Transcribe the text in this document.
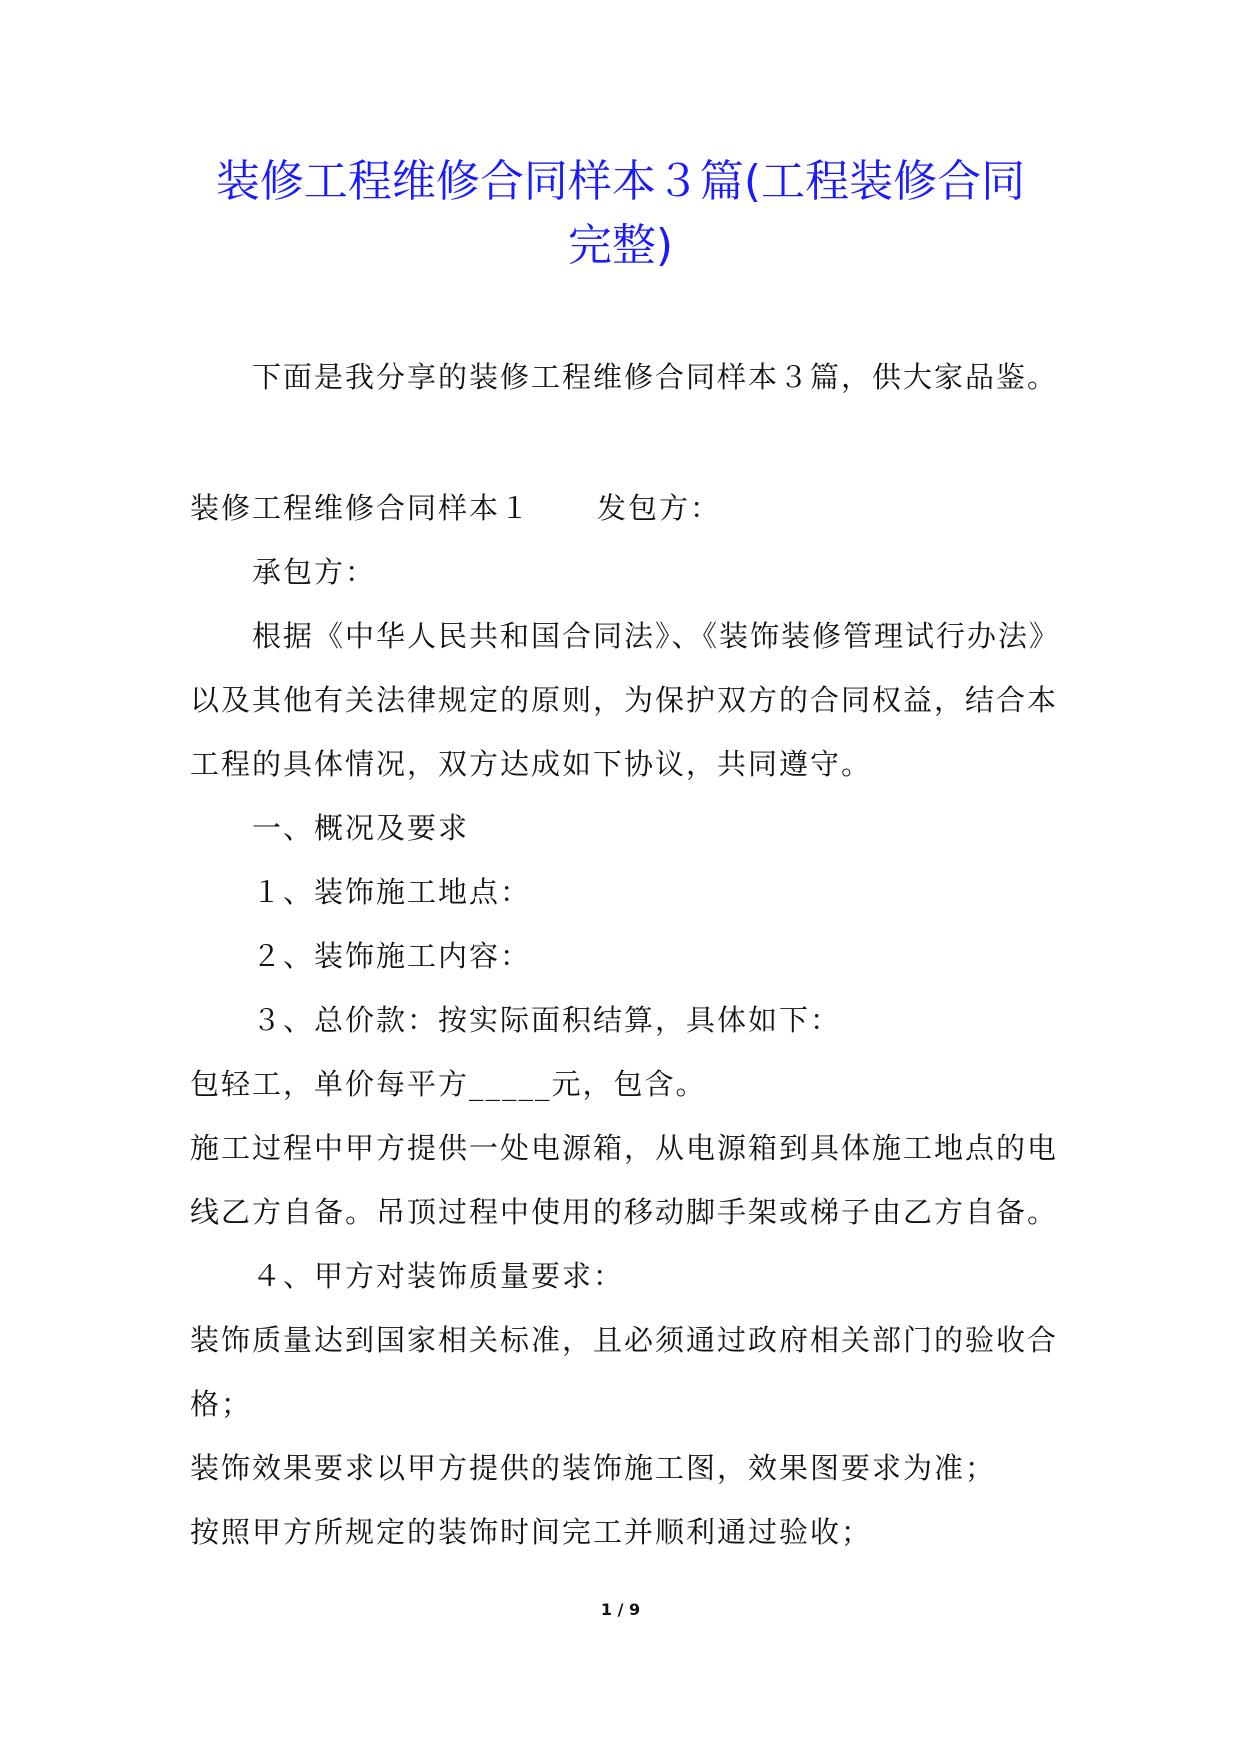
装修工程维修合同样本３篇(工程装修合同
完整)
下面是我分享的装修工程维修合同样本３篇，供大家品鉴。
装修工程维修合同样本１ 发包方：
承包方：
根据《中华人民共和国合同法》、《装饰装修管理试行办法》
以及其他有关法律规定的原则，为保护双方的合同权益，结合本
工程的具体情况，双方达成如下协议，共同遵守。
一、概况及要求
１、装饰施工地点：
２、装饰施工内容：
３、总价款：按实际面积结算，具体如下：
包轻工，单价每平方_____元，包含。
施工过程中甲方提供一处电源箱，从电源箱到具体施工地点的电
线乙方自备。吊顶过程中使用的移动脚手架或梯子由乙方自备。
４、甲方对装饰质量要求：
装饰质量达到国家相关标准，且必须通过政府相关部门的验收合
格；
装饰效果要求以甲方提供的装饰施工图，效果图要求为准；
按照甲方所规定的装饰时间完工并顺利通过验收；
1 / 9
